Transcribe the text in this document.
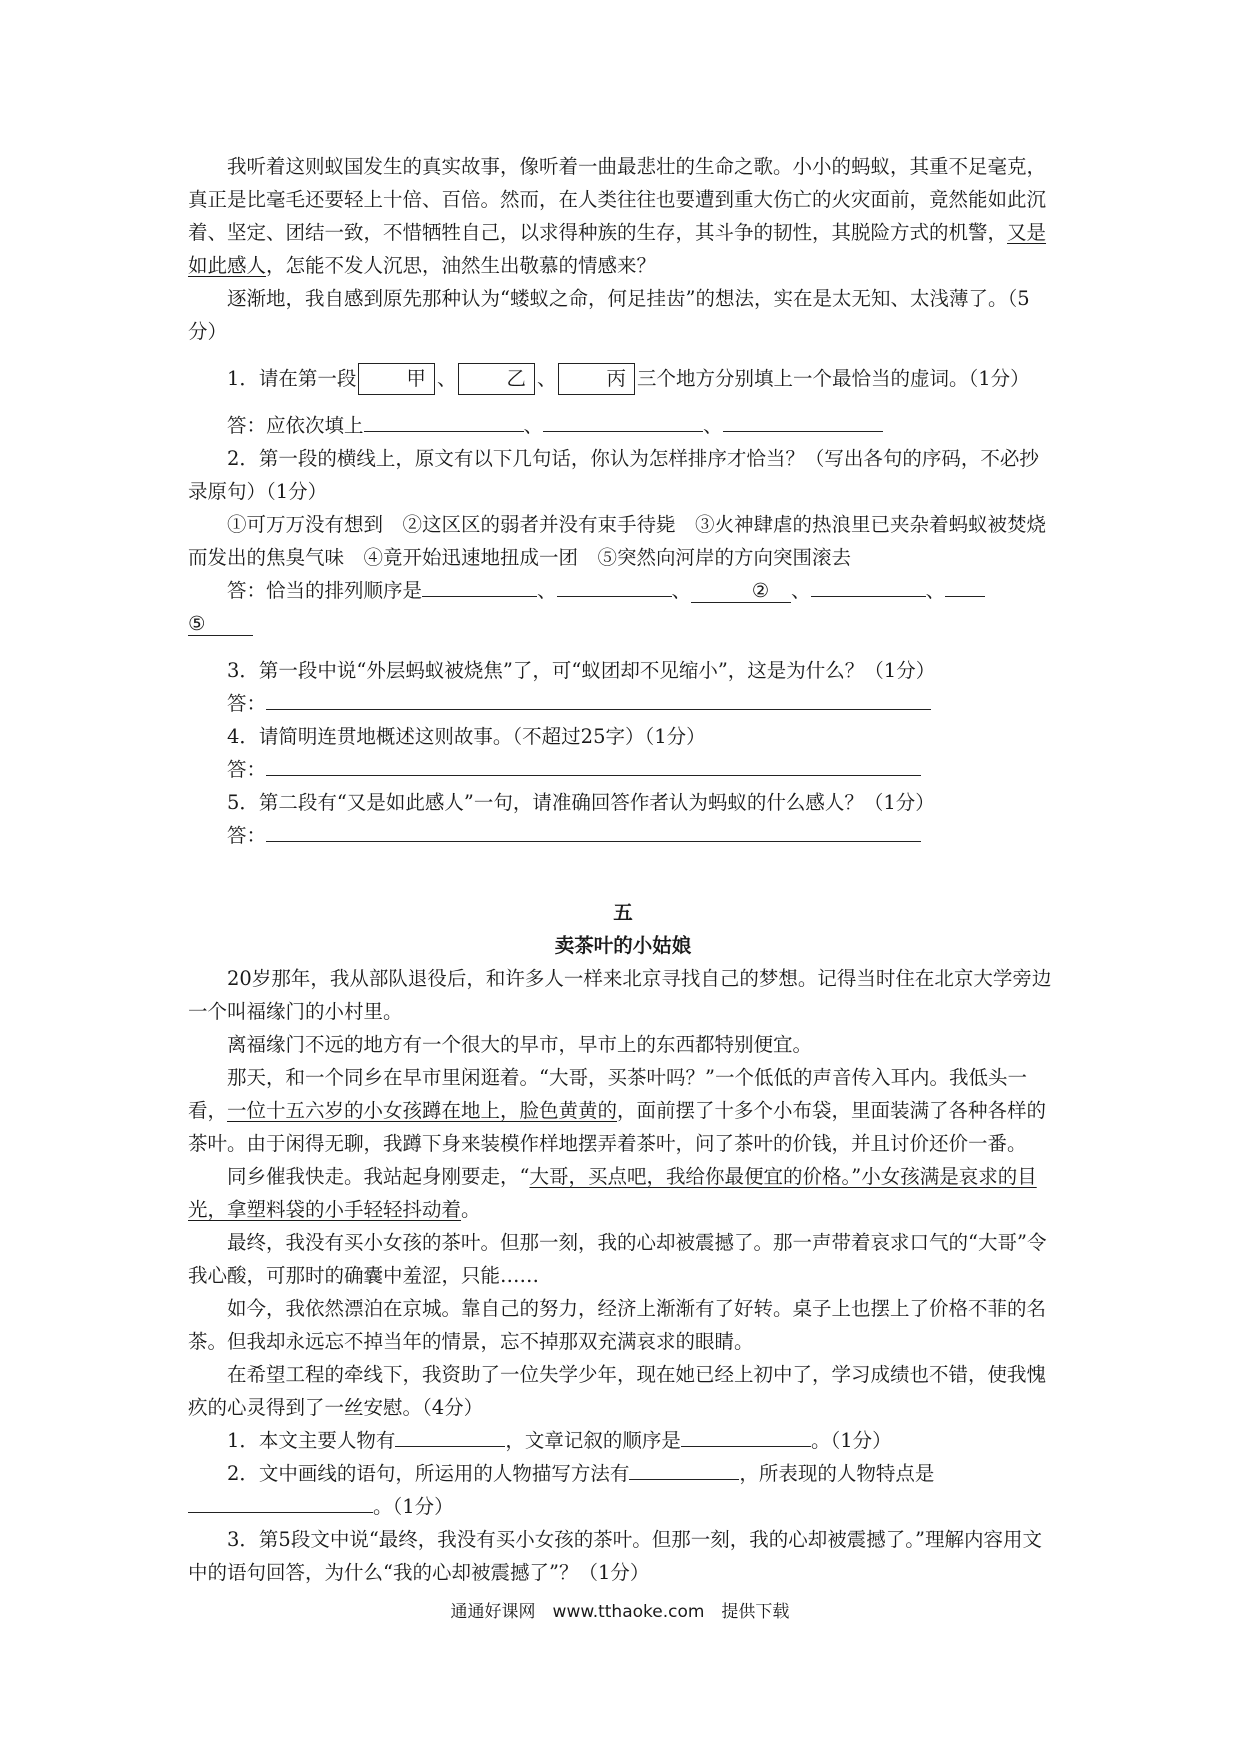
我听着这则蚁国发生的真实故事，像听着一曲最悲壮的生命之歌。小小的蚂蚁，其重不足毫克，真正是比毫毛还要轻上十倍、百倍。然而，在人类往往也要遭到重大伤亡的火灾面前，竟然能如此沉着、坚定、团结一致，不惜牺牲自己，以求得种族的生存，其斗争的韧性，其脱险方式的机警，又是如此感人，怎能不发人沉思，油然生出敬慕的情感来？

逐渐地，我自感到原先那种认为“蝼蚁之命，何足挂齿”的想法，实在是太无知、太浅薄了。（5分）

1．请在第一段	甲 、	乙 、	丙 三个地方分别填上一个最恰当的虚词。（1分）

答：应依次填上	、	、

2．第一段的横线上，原文有以下几句话，你认为怎样排序才恰当？（写出各句的序码，不必抄录原句）（1分）

①可万万没有想到　②这区区的弱者并没有束手待毙　③火神肆虐的热浪里已夹杂着蚂蚁被焚烧而发出的焦臭气味　④竟开始迅速地扭成一团　⑤突然向河岸的方向突围滚去

答：恰当的排列顺序是	、	、	② 、	、

⑤

3．第一段中说“外层蚂蚁被烧焦”了，可“蚁团却不见缩小”，这是为什么？（1分）

答：

4．请简明连贯地概述这则故事。（不超过25字）（1分）

答：

5．第二段有“又是如此感人”一句，请准确回答作者认为蚂蚁的什么感人？（1分）

答：

五

卖茶叶的小姑娘

20岁那年，我从部队退役后，和许多人一样来北京寻找自己的梦想。记得当时住在北京大学旁边一个叫福缘门的小村里。

离福缘门不远的地方有一个很大的早市，早市上的东西都特别便宜。

那天，和一个同乡在早市里闲逛着。“大哥，买茶叶吗？”一个低低的声音传入耳内。我低头一看，一位十五六岁的小女孩蹲在地上，脸色黄黄的，面前摆了十多个小布袋，里面装满了各种各样的茶叶。由于闲得无聊，我蹲下身来装模作样地摆弄着茶叶，问了茶叶的价钱，并且讨价还价一番。

同乡催我快走。我站起身刚要走，“大哥，买点吧，我给你最便宜的价格。”小女孩满是哀求的目光，拿塑料袋的小手轻轻抖动着。

最终，我没有买小女孩的茶叶。但那一刻，我的心却被震撼了。那一声带着哀求口气的“大哥”令我心酸，可那时的确囊中羞涩，只能……

如今，我依然漂泊在京城。靠自己的努力，经济上渐渐有了好转。桌子上也摆上了价格不菲的名茶。但我却永远忘不掉当年的情景，忘不掉那双充满哀求的眼睛。

在希望工程的牵线下，我资助了一位失学少年，现在她已经上初中了，学习成绩也不错，使我愧疚的心灵得到了一丝安慰。（4分）

1．本文主要人物有	，文章记叙的顺序是	。（1分）

2．文中画线的语句，所运用的人物描写方法有	，所表现的人物特点是

。（1分）

3．第5段文中说“最终，我没有买小女孩的茶叶。但那一刻，我的心却被震撼了。”理解内容用文中的语句回答，为什么“我的心却被震撼了”？（1分）

通通好课网　www.tthaoke.com　提供下载
